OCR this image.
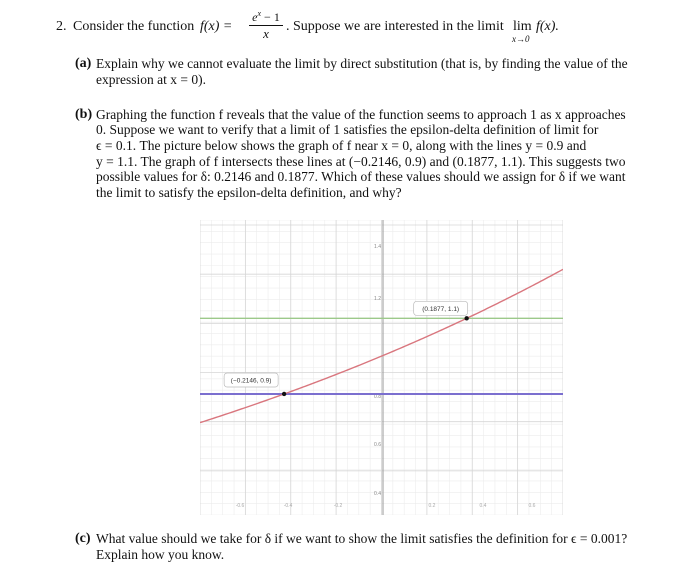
2. Consider the function f(x) =
$e^x - 1$
x	. Suppose we are interested in the limit lim
x→0
f(x).
(a) Explain why we cannot evaluate the limit by direct substitution (that is, by finding the value of the
expression at x = 0).
(b) Graphing the function f reveals that the value of the function seems to approach 1 as x approaches
0. Suppose we want to verify that a limit of 1 satisfies the epsilon-delta definition of limit for
ϵ = 0.1. The picture below shows the graph of f near x = 0, along with the lines y = 0.9 and
y = 1.1. The graph of f intersects these lines at (−0.2146, 0.9) and (0.1877, 1.1). This suggests two
possible values for δ: 0.2146 and 0.1877. Which of these values should we assign for δ if we want
the limit to satisfy the epsilon-delta definition, and why?
1.4
1.2
0.8
0.6
0.4
-0.6	-0.4	-0.2	0.2	0.4	0.6
(−0.2146, 0.9)
(0.1877, 1.1)
(c) What value should we take for δ if we want to show the limit satisfies the definition for ϵ = 0.001?
Explain how you know.
